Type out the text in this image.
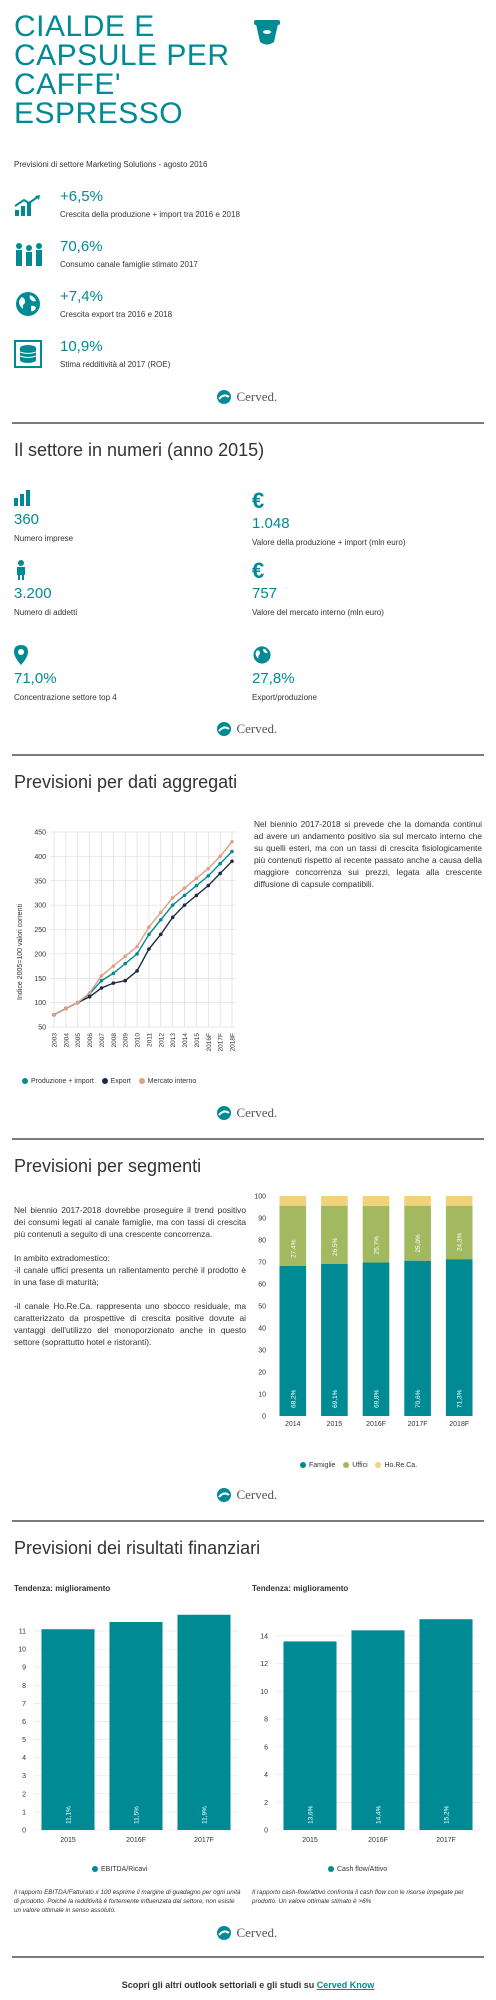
CIALDE E
CAPSULE PER
CAFFE'
ESPRESSO
Previsioni di settore Marketing Solutions - agosto 2016
+6,5%
Crescita della produzione + import tra 2016 e 2018
70,6%
Consumo canale famiglie stimato 2017
+7,4%
Crescita export tra 2016 e 2018
10,9%
Stima redditività al 2017 (ROE)
Cerved.
Il settore in numeri (anno 2015)
360
Numero imprese
€
1.048
Valore della produzione + import (mln euro)
3.200
Numero di addetti
€
757
Valore del mercato interno (mln euro)
71,0%
Concentrazione settore top 4
27,8%
Export/produzione
Cerved.
Previsioni per dati aggregati
50
100
150
200
250
300
350
400
450
2003 2004 2005 2006 2007 2008 2009 2010 2011 2012 2013 2014 2015 2016F 2017F 2018F
Indice 2005=100 valori correnti
Produzione + import Export Mercato interno
Nel biennio 2017-2018 si prevede che la domanda continui ad avere un andamento positivo sia sul mercato interno che su quelli esteri, ma con un tassi di crescita fisiologicamente più contenuti rispetto al recente passato anche a causa della maggiore concorrenza sui prezzi, legata alla crescente diffusione di capsule compatibili.
Cerved.
Previsioni per segmenti
Nel biennio 2017-2018 dovrebbe proseguire il trend positivo dei consumi legati al canale famiglie, ma con tassi di crescita più contenuti a seguito di una crescente concorrenza.
In ambito extradomestico:
-il canale uffici presenta un rallentamento perchè il prodotto è in una fase di maturità;
-il canale Ho.Re.Ca. rappresenta uno sbocco residuale, ma caratterizzato da prospettive di crescita positive dovute ai vantaggi dell'utilizzo del monoporzionato anche in questo settore (soprattutto hotel e ristoranti).
0
10
20
30
40
50
60
70
80
90
100
68,2%
27,4%
69,1%
26,5%
69,8%
25,7%
70,6%
25,0%
71,3%
24,3%
2014	2015	2016F	2017F	2018F
Famiglie Uffici Ho.Re.Ca.
Cerved.
Previsioni dei risultati finanziari
Tendenza: miglioramento	Tendenza: miglioramento
0
1
2
3
4
5
6
7
8
9
10
11
11,1%	11,5%	11,9%
2015	2016F	2017F
EBITDA/Ricavi
0
2
4
6
8
10
12
14
13,6%	14,4%	15,2%
2015	2016F	2017F
Cash flow/Attivo
Il rapporto EBITDA/Fatturato x 100 esprime il margine di guadagno per ogni unità di prodotto. Poiché la redditività è fortemente influenzata dal settore, non esiste un valore ottimale in senso assoluto.
Il rapporto cash-flow/attivo confronta il cash flow con le risorse impegate per prodotto. Un valore ottimale stimato è >6%
Cerved.
Scopri gli altri outlook settoriali e gli studi su Cerved Know
